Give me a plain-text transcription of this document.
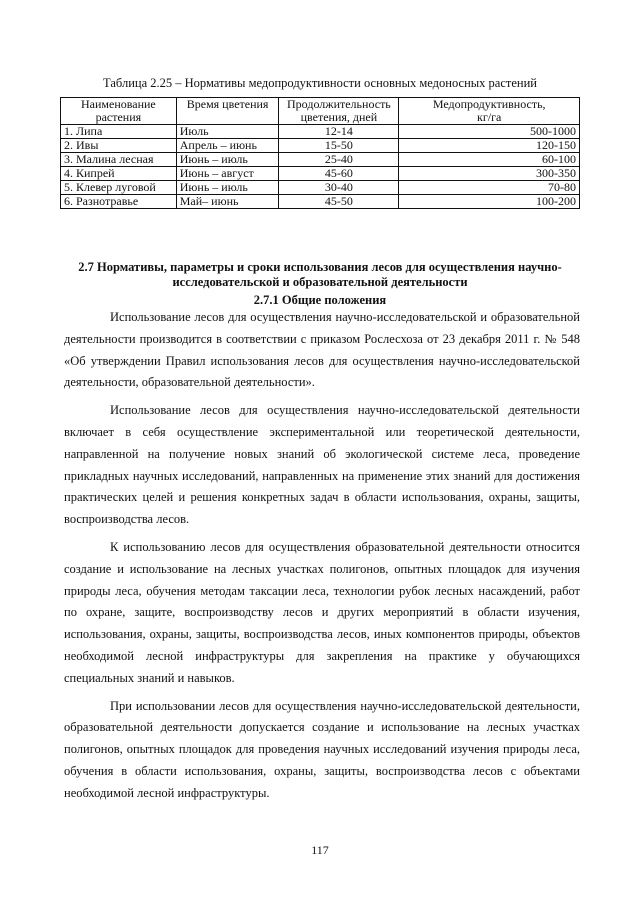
Таблица 2.25 – Нормативы медопродуктивности основных медоносных растений
Наименование растения	Время цветения	Продолжительность цветения, дней	Медопродуктивность,
кг/га
1. Липа	Июль	12-14	500-1000
2. Ивы	Апрель – июнь	15-50	120-150
3. Малина лесная	Июнь – июль	25-40	60-100
4. Кипрей	Июнь – август	45-60	300-350
5. Клевер луговой	Июнь – июль	30-40	70-80
6. Разнотравье	Май– июнь	45-50	100-200
2.7 Нормативы, параметры и сроки использования лесов для осуществления научно-исследовательской и образовательной деятельности
2.7.1 Общие положения

Использование лесов для осуществления научно-исследовательской и образовательной деятельности производится в соответствии с приказом Рослесхоза от 23 декабря 2011 г. № 548 «Об утверждении Правил использования лесов для осуществления научно-исследовательской деятельности, образовательной деятельности».

Использование лесов для осуществления научно-исследовательской деятельности включает в себя осуществление экспериментальной или теоретической деятельности, направленной на получение новых знаний об экологической системе леса, проведение прикладных научных исследований, направленных на применение этих знаний для достижения практических целей и решения конкретных задач в области использования, охраны, защиты, воспроизводства лесов.

К использованию лесов для осуществления образовательной деятельности относится создание и использование на лесных участках полигонов, опытных площадок для изучения природы леса, обучения методам таксации леса, технологии рубок лесных насаждений, работ по охране, защите, воспроизводству лесов и других мероприятий в области изучения, использования, охраны, защиты, воспроизводства лесов, иных компонентов природы, объектов необходимой лесной инфраструктуры для закрепления на практике у обучающихся специальных знаний и навыков.

При использовании лесов для осуществления научно-исследовательской деятельности, образовательной деятельности допускается создание и использование на лесных участках полигонов, опытных площадок для проведения научных исследований изучения природы леса, обучения в области использования, охраны, защиты, воспроизводства лесов с объектами необходимой лесной инфраструктуры.

117
